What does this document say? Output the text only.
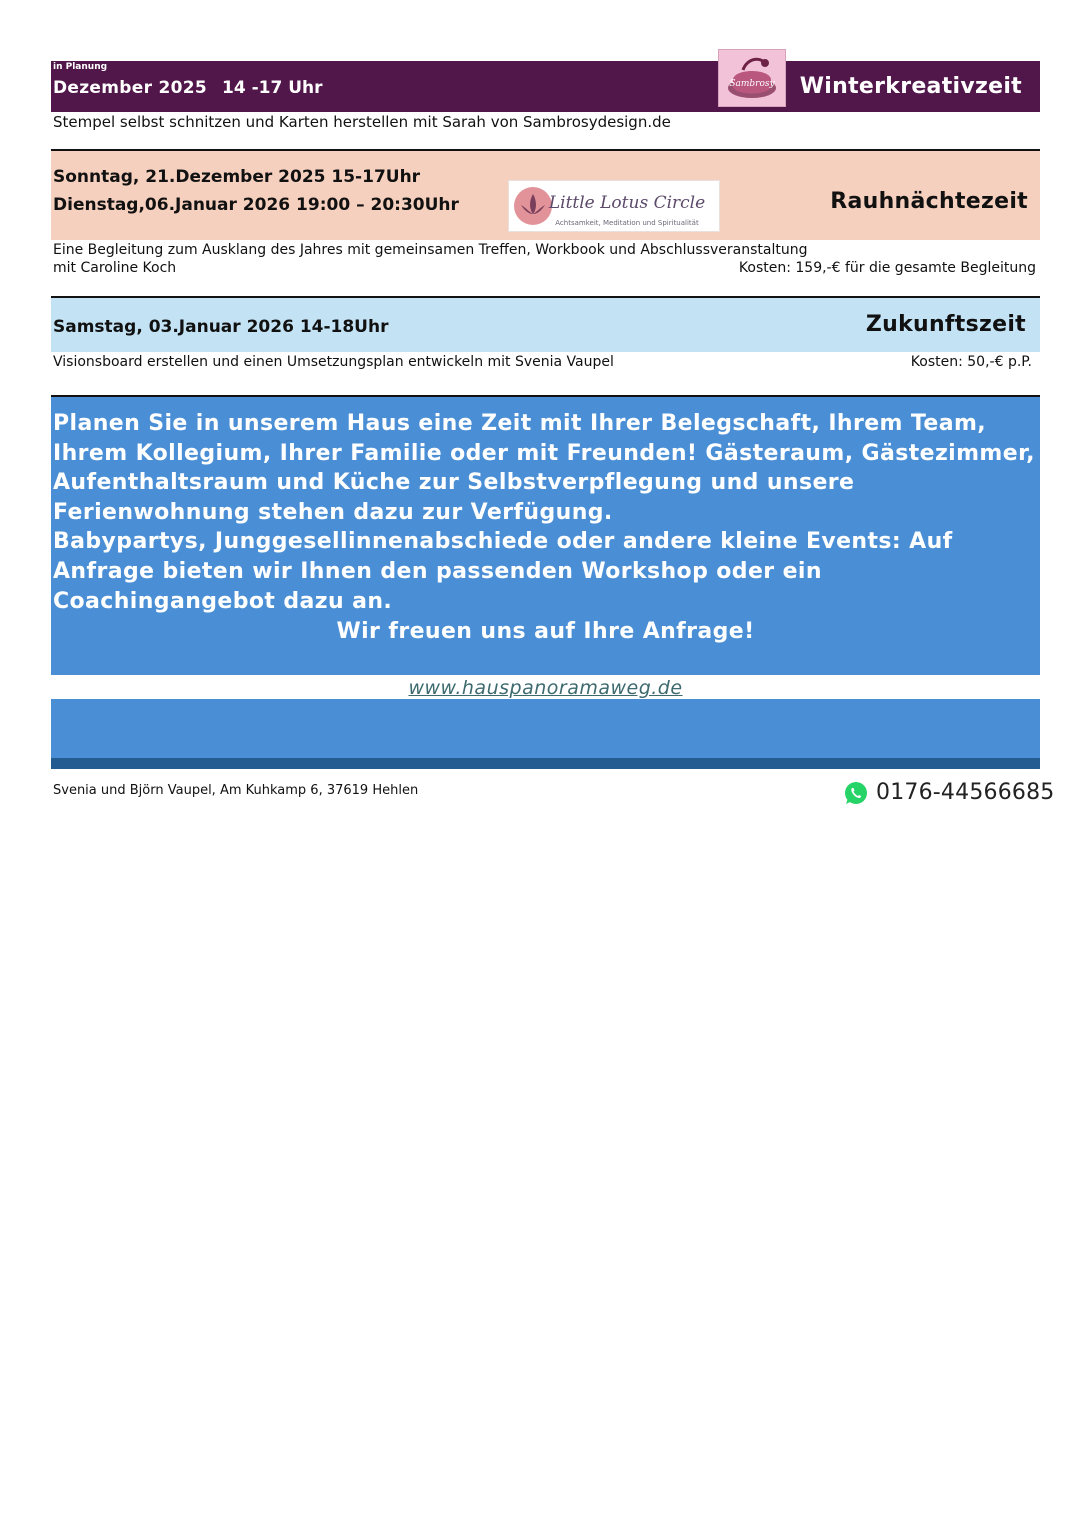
in Planung
Dezember 2025 14 -17 Uhr	Sambrosy Winterkreativzeit
Stempel selbst schnitzen und Karten herstellen mit Sarah von Sambrosydesign.de
Sonntag, 21.Dezember 2025 15-17Uhr
Dienstag,06.Januar 2026 19:00 – 20:30Uhr	Little Lotus Circle
Achtsamkeit, Meditation und Spiritualität
Rauhnächtezeit
Eine Begleitung zum Ausklang des Jahres mit gemeinsamen Treffen, Workbook und Abschlussveranstaltung
mit Caroline Koch	Kosten: 159,-€ für die gesamte Begleitung
Samstag, 03.Januar 2026 14-18Uhr	Zukunftszeit
Visionsboard erstellen und einen Umsetzungsplan entwickeln mit Svenia Vaupel	Kosten: 50,-€ p.P.

Planen Sie in unserem Haus eine Zeit mit Ihrer Belegschaft, Ihrem Team, Ihrem Kollegium, Ihrer Familie oder mit Freunden! Gästeraum, Gästezimmer, Aufenthaltsraum und Küche zur Selbstverpflegung und unsere Ferienwohnung stehen dazu zur Verfügung.

Babypartys, Junggesellinnenabschiede oder andere kleine Events: Auf Anfrage bieten wir Ihnen den passenden Workshop oder ein Coachingangebot dazu an.

Wir freuen uns auf Ihre Anfrage!
www.hauspanoramaweg.de
Svenia und Björn Vaupel, Am Kuhkamp 6, 37619 Hehlen	0176-44566685
